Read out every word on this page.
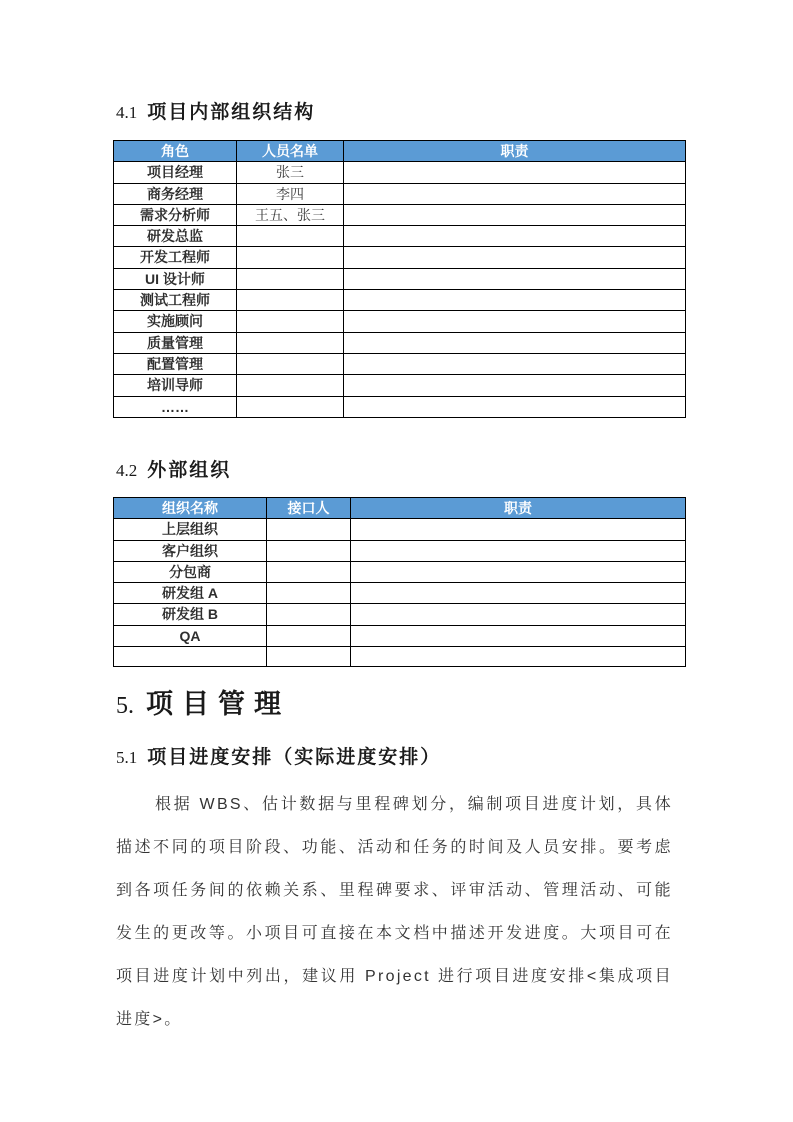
4.1 项目内部组织结构
角色	人员名单	职责
项目经理	张三	
商务经理	李四	
需求分析师	王五、张三	
研发总监		
开发工程师		
UI 设计师		
测试工程师		
实施顾问		
质量管理		
配置管理		
培训导师		
……		
4.2 外部组织
组织名称	接口人	职责
上层组织		
客户组织		
分包商		
研发组 A		
研发组 B		
QA		

5. 项目管理
5.1 项目进度安排（实际进度安排）

根据 WBS、估计数据与里程碑划分，编制项目进度计划，具体描述不同的项目阶段、功能、活动和任务的时间及人员安排。要考虑到各项任务间的依赖关系、里程碑要求、评审活动、管理活动、可能发生的更改等。小项目可直接在本文档中描述开发进度。大项目可在项目进度计划中列出，建议用 Project 进行项目进度安排<集成项目进度>。
